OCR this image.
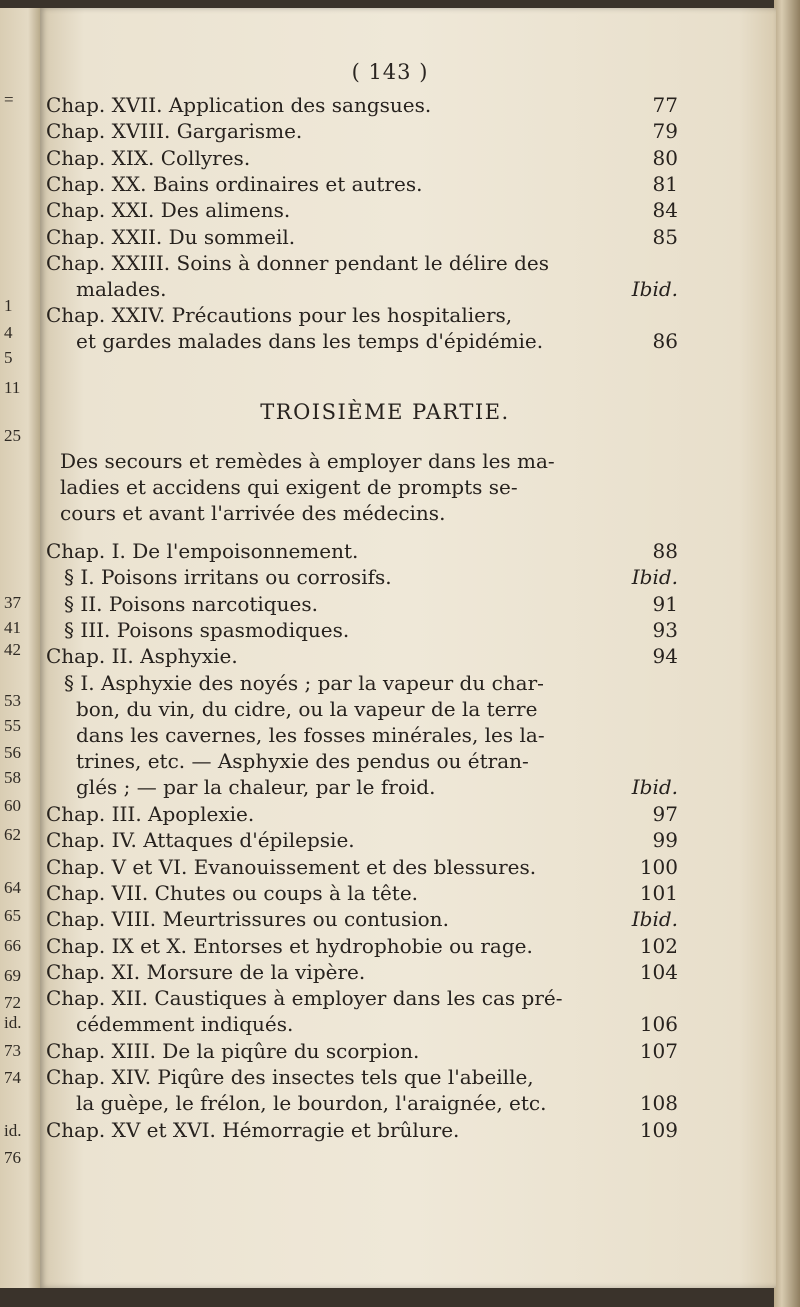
=
1
4
5
11
25
37
41
42
53
55
56
58
60
62
64
65
66
69
72
id.
73
74
id.
76
( 143 )
Chap. XVII. Application des sangsues.	77
Chap. XVIII. Gargarisme.	79
Chap. XIX. Collyres.	80
Chap. XX. Bains ordinaires et autres.	81
Chap. XXI. Des alimens.	84
Chap. XXII. Du sommeil.	85
Chap. XXIII. Soins à donner pendant le délire des
malades.	Ibid.
Chap. XXIV. Précautions pour les hospitaliers,
et gardes malades dans les temps d'épidémie.	86
TROISIÈME PARTIE.
Des secours et remèdes à employer dans les ma-
ladies et accidens qui exigent de prompts se-
cours et avant l'arrivée des médecins.
Chap. I. De l'empoisonnement.	88
§ I. Poisons irritans ou corrosifs.	Ibid.
§ II. Poisons narcotiques.	91
§ III. Poisons spasmodiques.	93
Chap. II. Asphyxie.	94
§ I. Asphyxie des noyés ; par la vapeur du char-
bon, du vin, du cidre, ou la vapeur de la terre
dans les cavernes, les fosses minérales, les la-
trines, etc. — Asphyxie des pendus ou étran-
glés ; — par la chaleur, par le froid.	Ibid.
Chap. III. Apoplexie.	97
Chap. IV. Attaques d'épilepsie.	99
Chap. V et VI. Evanouissement et des blessures.	100
Chap. VII. Chutes ou coups à la tête.	101
Chap. VIII. Meurtrissures ou contusion.	Ibid.
Chap. IX et X. Entorses et hydrophobie ou rage.	102
Chap. XI. Morsure de la vipère.	104
Chap. XII. Caustiques à employer dans les cas pré-
cédemment indiqués.	106
Chap. XIII. De la piqûre du scorpion.	107
Chap. XIV. Piqûre des insectes tels que l'abeille,
la guèpe, le frélon, le bourdon, l'araignée, etc.	108
Chap. XV et XVI. Hémorragie et brûlure.	109
